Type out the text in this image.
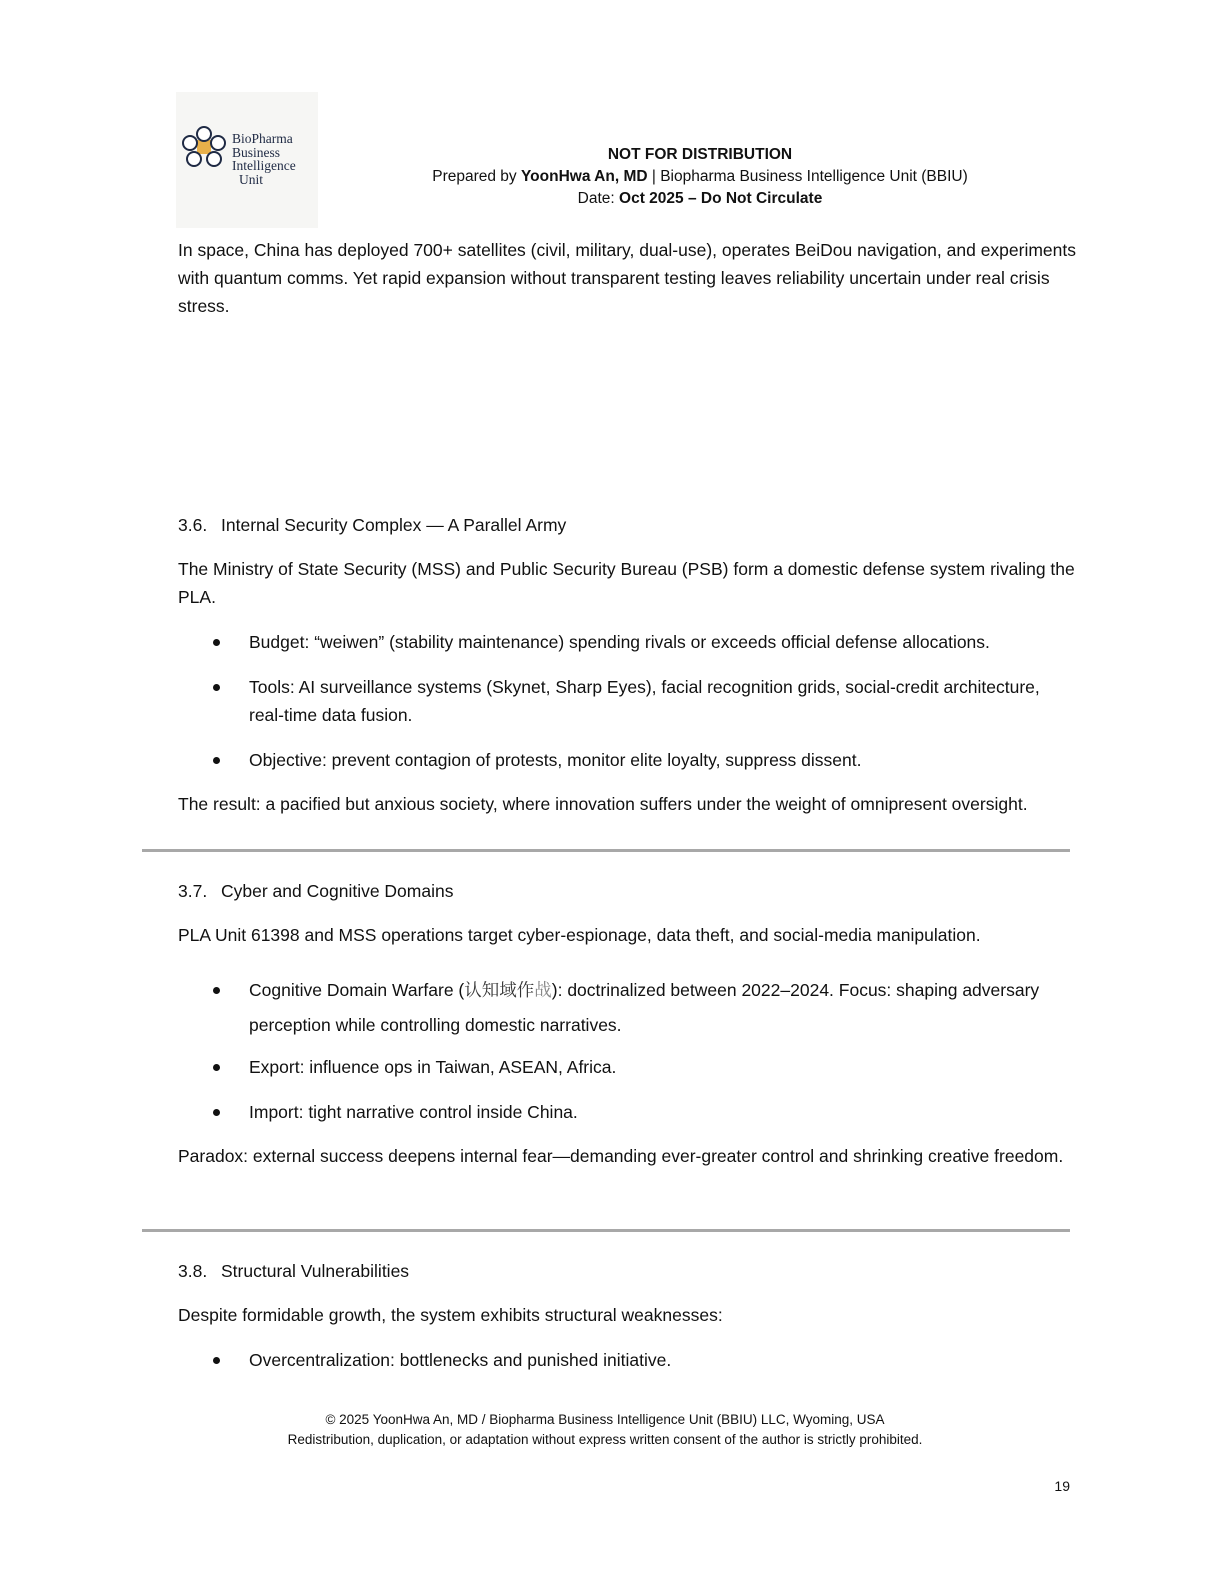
BioPharma
Business
Intelligence
Unit
NOT FOR DISTRIBUTION
Prepared by YoonHwa An, MD | Biopharma Business Intelligence Unit (BBIU)
Date: Oct 2025 – Do Not Circulate
In space, China has deployed 700+ satellites (civil, military, dual-use), operates BeiDou navigation, and experiments with quantum comms. Yet rapid expansion without transparent testing leaves reliability uncertain under real crisis stress.
3.6. Internal Security Complex — A Parallel Army
The Ministry of State Security (MSS) and Public Security Bureau (PSB) form a domestic defense system rivaling the PLA.
Budget: “weiwen” (stability maintenance) spending rivals or exceeds official defense allocations.
Tools: AI surveillance systems (Skynet, Sharp Eyes), facial recognition grids, social-credit architecture, real-time data fusion.
Objective: prevent contagion of protests, monitor elite loyalty, suppress dissent.
The result: a pacified but anxious society, where innovation suffers under the weight of omnipresent oversight.
3.7. Cyber and Cognitive Domains
PLA Unit 61398 and MSS operations target cyber-espionage, data theft, and social-media manipulation.
Cognitive Domain Warfare (认知域作战): doctrinalized between 2022–2024. Focus: shaping adversary perception while controlling domestic narratives.
Export: influence ops in Taiwan, ASEAN, Africa.
Import: tight narrative control inside China.
Paradox: external success deepens internal fear—demanding ever-greater control and shrinking creative freedom.
3.8. Structural Vulnerabilities
Despite formidable growth, the system exhibits structural weaknesses:
Overcentralization: bottlenecks and punished initiative.
© 2025 YoonHwa An, MD / Biopharma Business Intelligence Unit (BBIU) LLC, Wyoming, USA
Redistribution, duplication, or adaptation without express written consent of the author is strictly prohibited.
19
